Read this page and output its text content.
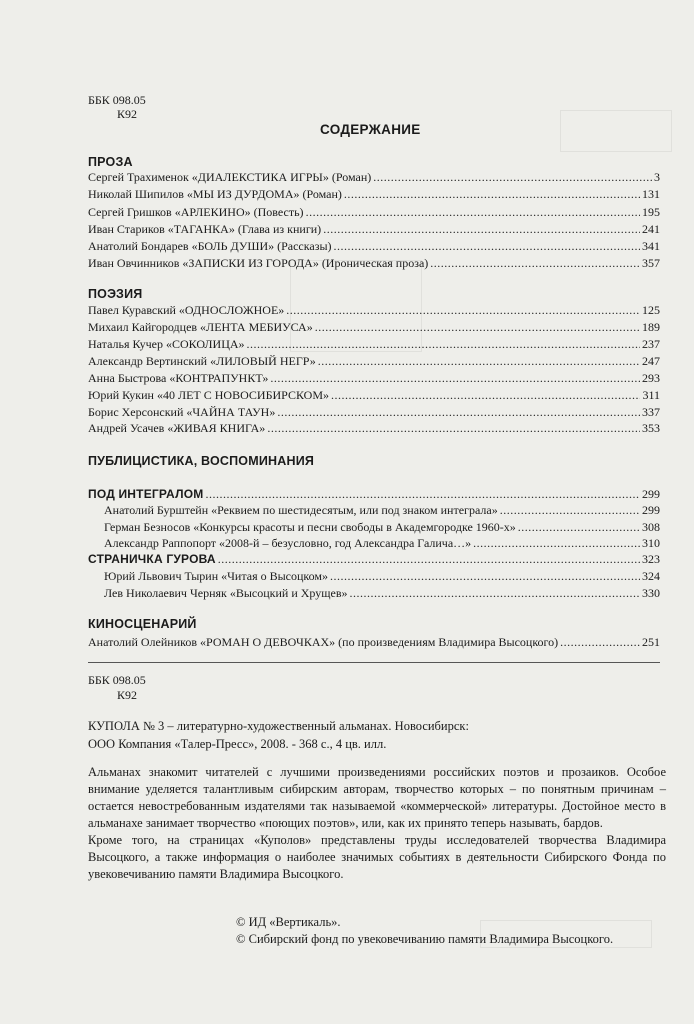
ББК 098.05
К92
СОДЕРЖАНИЕ
ПРОЗА
Сергей Трахименок «ДИАЛЕКСТИКА ИГРЫ» (Роман) .....	3
Николай Шипилов «МЫ ИЗ ДУРДОМА» (Роман) .....	131
Сергей Гришков «АРЛЕКИНО» (Повесть) .....	195
Иван Стариков «ТАГАНКА» (Глава из книги) .....	241
Анатолий Бондарев «БОЛЬ ДУШИ» (Рассказы) .....	341
Иван Овчинников «ЗАПИСКИ ИЗ ГОРОДА» (Ироническая проза) .....	357
ПОЭЗИЯ
Павел Куравский «ОДНОСЛОЖНОЕ» .....	125
Михаил Кайгородцев «ЛЕНТА МЕБИУСА» .....	189
Наталья Кучер «СОКОЛИЦА» .....	237
Александр Вертинский «ЛИЛОВЫЙ НЕГР» .....	247
Анна Быстрова «КОНТРАПУНКТ» .....	293
Юрий Кукин «40 ЛЕТ С НОВОСИБИРСКОМ» .....	311
Борис Херсонский «ЧАЙНА ТАУН» .....	337
Андрей Усачев «ЖИВАЯ КНИГА» .....	353
ПУБЛИЦИСТИКА, ВОСПОМИНАНИЯ
ПОД ИНТЕГРАЛОМ .....	299
Анатолий Бурштейн «Реквием по шестидесятым, или под знаком интеграла» .....	299
Герман Безносов «Конкурсы красоты и песни свободы в Академгородке 1960-х» .....	308
Александр Раппопорт «2008-й – безусловно, год Александра Галича…» .....	310
СТРАНИЧКА ГУРОВА .....	323
Юрий Львович Тырин «Читая о Высоцком» .....	324
Лев Николаевич Черняк «Высоцкий и Хрущев» .....	330
КИНОСЦЕНАРИЙ
Анатолий Олейников «РОМАН О ДЕВОЧКАХ» (по произведениям Владимира Высоцкого) .....	251
ББК 098.05
К92
КУПОЛА № 3 – литературно-художественный альманах. Новосибирск:
ООО Компания «Талер-Пресс», 2008. - 368 с., 4 цв. илл.

Альманах знакомит читателей с лучшими произведениями российских поэтов и прозаиков. Особое внимание уделяется талантливым сибирским авторам, творчество которых – по понятным причинам – остается невостребованным издателями так называемой «коммерческой» литературы. Достойное место в альманахе занимает творчество «поющих поэтов», или, как их принято теперь называть, бардов.

Кроме того, на страницах «Куполов» представлены труды исследователей творчества Владимира Высоцкого, а также информация о наиболее значимых событиях в деятельности Сибирского Фонда по увековечиванию памяти Владимира Высоцкого.

© ИД «Вертикаль».
© Сибирский фонд по увековечиванию памяти Владимира Высоцкого.
